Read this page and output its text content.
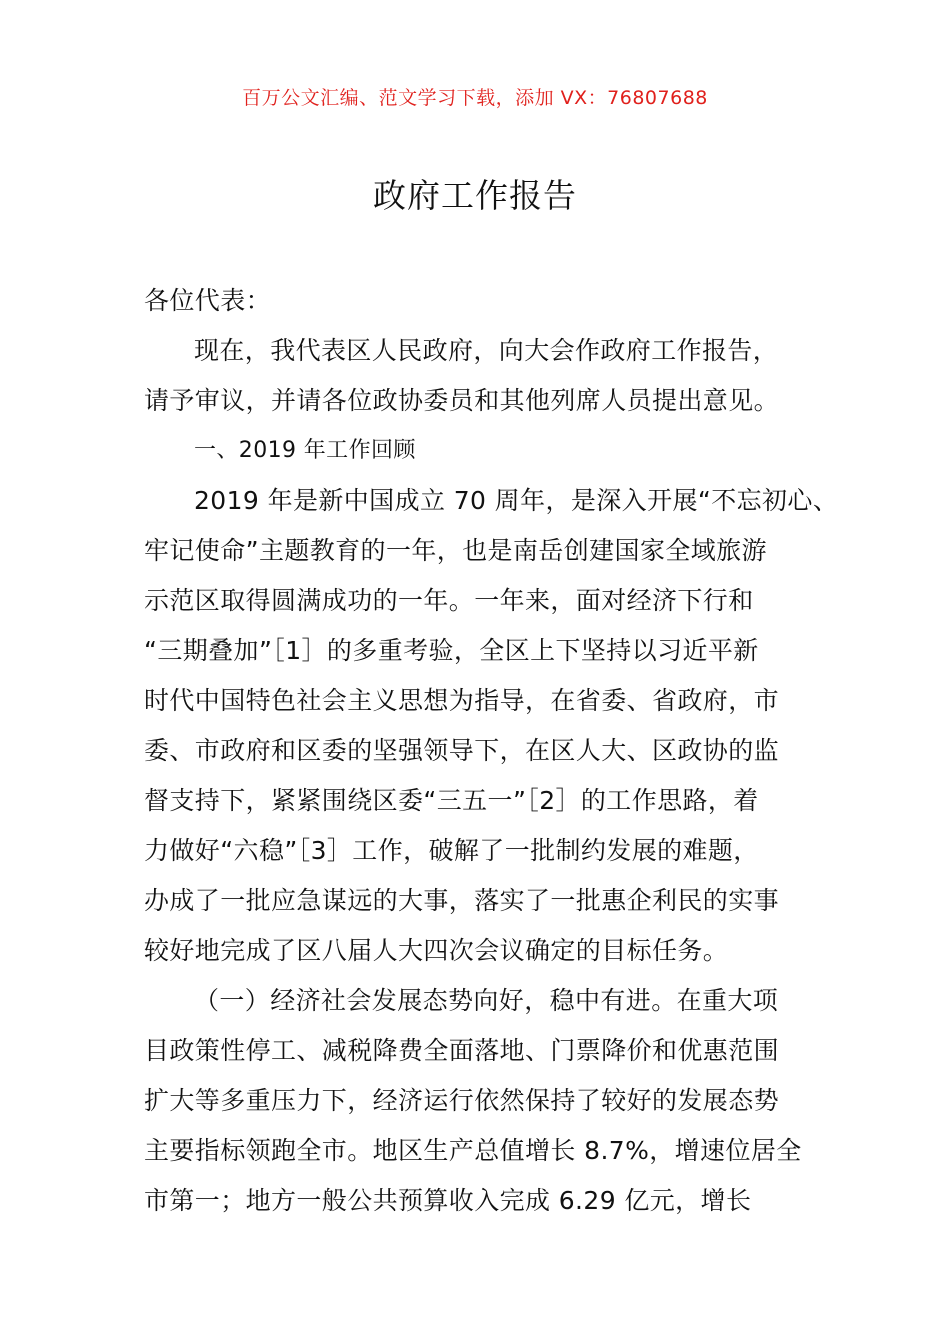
百万公文汇编、范文学习下载，添加 VX：76807688
政府工作报告
各位代表：
现在，我代表区人民政府，向大会作政府工作报告，
请予审议，并请各位政协委员和其他列席人员提出意见。
一、2019 年工作回顾
2019 年是新中国成立 70 周年，是深入开展“不忘初心、
牢记使命”主题教育的一年，也是南岳创建国家全域旅游
示范区取得圆满成功的一年。一年来，面对经济下行和
“三期叠加”［1］的多重考验，全区上下坚持以习近平新
时代中国特色社会主义思想为指导，在省委、省政府，市
委、市政府和区委的坚强领导下，在区人大、区政协的监
督支持下，紧紧围绕区委“三五一”［2］的工作思路，着
力做好“六稳”［3］工作，破解了一批制约发展的难题，
办成了一批应急谋远的大事，落实了一批惠企利民的实事
较好地完成了区八届人大四次会议确定的目标任务。
（一）经济社会发展态势向好，稳中有进。在重大项
目政策性停工、减税降费全面落地、门票降价和优惠范围
扩大等多重压力下，经济运行依然保持了较好的发展态势
主要指标领跑全市。地区生产总值增长 8.7%，增速位居全
市第一；地方一般公共预算收入完成 6.29 亿元，增长
